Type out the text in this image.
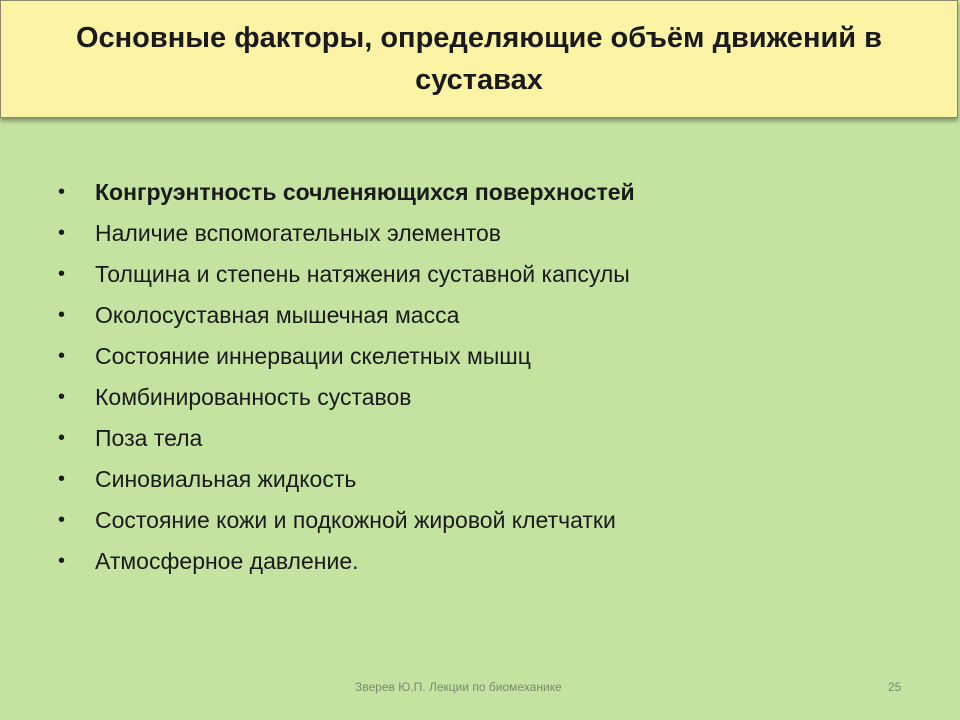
Основные факторы, определяющие объём движений в суставах
•	Конгруэнтность сочленяющихся поверхностей
•	Наличие вспомогательных элементов
•	Толщина и степень натяжения суставной капсулы
•	Околосуставная мышечная масса
•	Состояние иннервации скелетных мышц
•	Комбинированность суставов
•	Поза тела
•	Синовиальная жидкость
•	Состояние кожи и подкожной жировой клетчатки
•	Атмосферное давление.
Зверев Ю.П. Лекции по биомеханике	25
